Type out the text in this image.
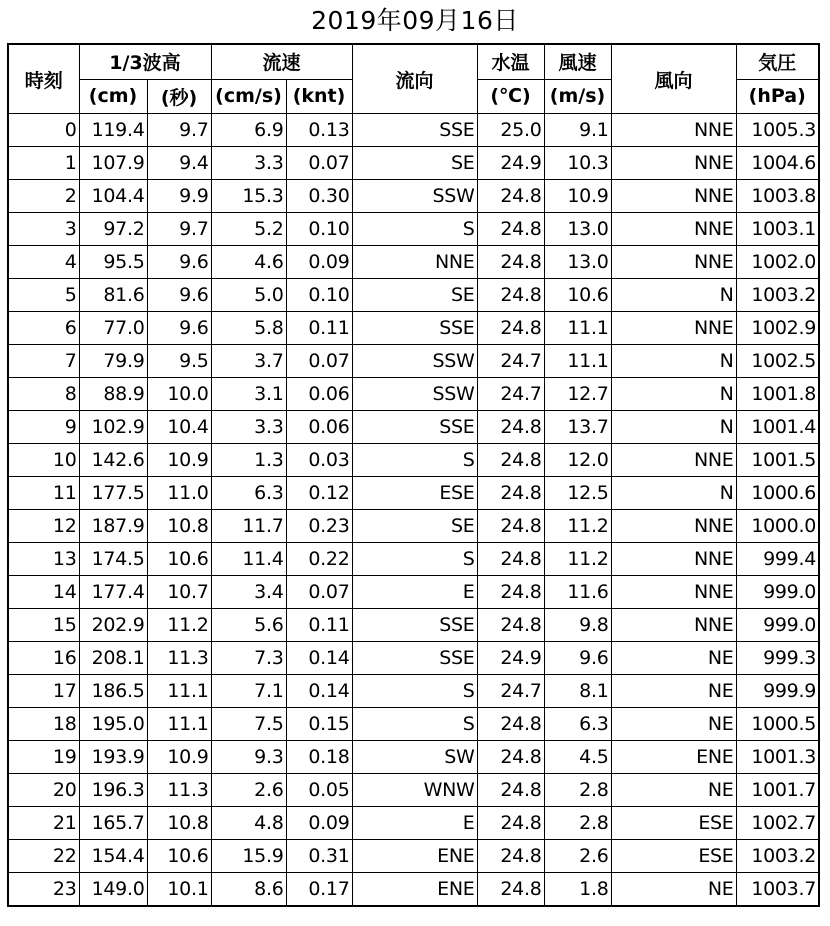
2019年09月16日
時刻	1/3波高		流速		流向	水温	風速	風向	気圧
	(cm)	(秒)	(cm/s)	(knt)		(℃)	(m/s)		(hPa)
0	119.4	9.7	6.9	0.13	SSE	25.0	9.1	NNE	1005.3
1	107.9	9.4	3.3	0.07	SE	24.9	10.3	NNE	1004.6
2	104.4	9.9	15.3	0.30	SSW	24.8	10.9	NNE	1003.8
3	97.2	9.7	5.2	0.10	S	24.8	13.0	NNE	1003.1
4	95.5	9.6	4.6	0.09	NNE	24.8	13.0	NNE	1002.0
5	81.6	9.6	5.0	0.10	SE	24.8	10.6	N	1003.2
6	77.0	9.6	5.8	0.11	SSE	24.8	11.1	NNE	1002.9
7	79.9	9.5	3.7	0.07	SSW	24.7	11.1	N	1002.5
8	88.9	10.0	3.1	0.06	SSW	24.7	12.7	N	1001.8
9	102.9	10.4	3.3	0.06	SSE	24.8	13.7	N	1001.4
10	142.6	10.9	1.3	0.03	S	24.8	12.0	NNE	1001.5
11	177.5	11.0	6.3	0.12	ESE	24.8	12.5	N	1000.6
12	187.9	10.8	11.7	0.23	SE	24.8	11.2	NNE	1000.0
13	174.5	10.6	11.4	0.22	S	24.8	11.2	NNE	999.4
14	177.4	10.7	3.4	0.07	E	24.8	11.6	NNE	999.0
15	202.9	11.2	5.6	0.11	SSE	24.8	9.8	NNE	999.0
16	208.1	11.3	7.3	0.14	SSE	24.9	9.6	NE	999.3
17	186.5	11.1	7.1	0.14	S	24.7	8.1	NE	999.9
18	195.0	11.1	7.5	0.15	S	24.8	6.3	NE	1000.5
19	193.9	10.9	9.3	0.18	SW	24.8	4.5	ENE	1001.3
20	196.3	11.3	2.6	0.05	WNW	24.8	2.8	NE	1001.7
21	165.7	10.8	4.8	0.09	E	24.8	2.8	ESE	1002.7
22	154.4	10.6	15.9	0.31	ENE	24.8	2.6	ESE	1003.2
23	149.0	10.1	8.6	0.17	ENE	24.8	1.8	NE	1003.7
